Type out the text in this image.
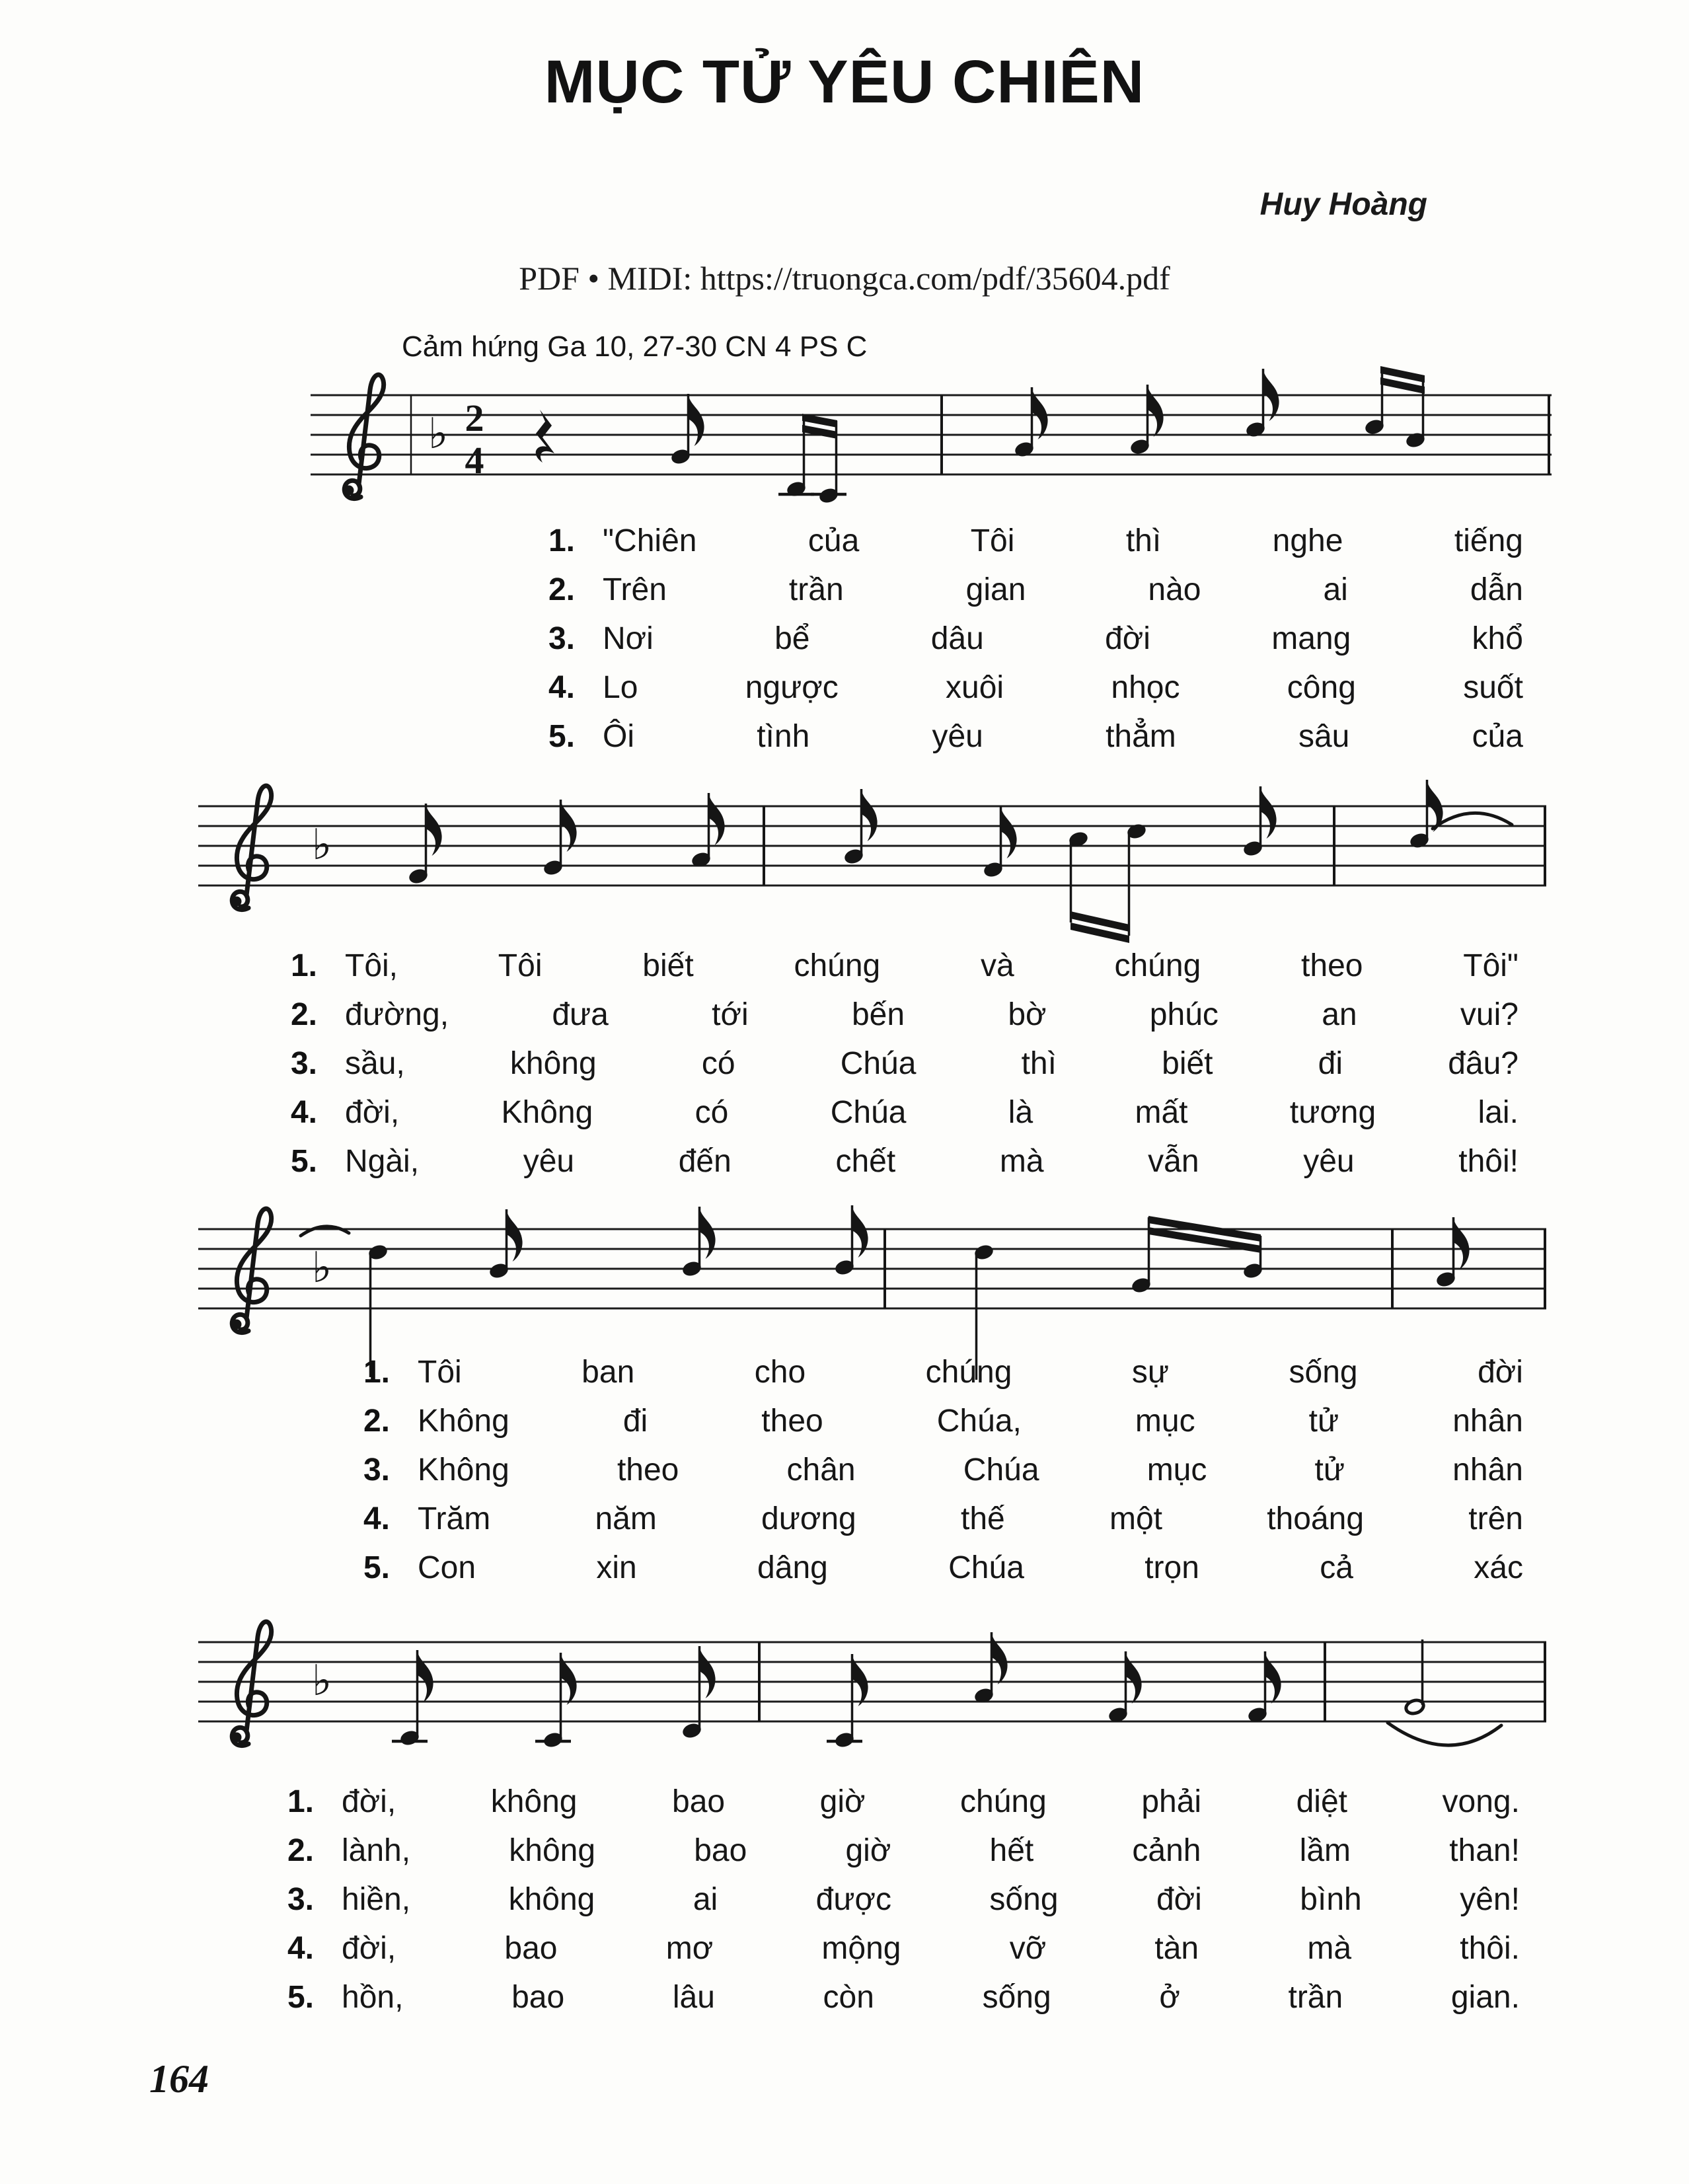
MỤC TỬ YÊU CHIÊN
Huy Hoàng
PDF • MIDI: https://truongca.com/pdf/35604.pdf
Cảm hứng Ga 10, 27-30 CN 4 PS C
♭ 2
4
♭
♭
♭
1. "Chiên	của	Tôi	thì	nghe	tiếng
2. Trên	trần	gian	nào	ai	dẫn
3. Nơi	bể	dâu	đời	mang	khổ
4. Lo	ngược	xuôi	nhọc	công	suốt
5. Ôi	tình	yêu	thẳm	sâu	của
1. Tôi,	Tôi	biết	chúng	và	chúng	theo	Tôi"
2. đường,	đưa	tới	bến	bờ	phúc	an	vui?
3. sầu,	không	có	Chúa	thì	biết	đi	đâu?
4. đời,	Không	có	Chúa	là	mất	tương	lai.
5. Ngài,	yêu	đến	chết	mà	vẫn	yêu	thôi!
1. Tôi	ban	cho	chúng	sự	sống	đời
2. Không	đi	theo	Chúa,	mục	tử	nhân
3. Không	theo	chân	Chúa	mục	tử	nhân
4. Trăm	năm	dương	thế	một	thoáng	trên
5. Con	xin	dâng	Chúa	trọn	cả	xác
1. đời,	không	bao	giờ	chúng	phải	diệt	vong.
2. lành,	không	bao	giờ	hết	cảnh	lầm	than!
3. hiền,	không	ai	được	sống	đời	bình	yên!
4. đời,	bao	mơ	mộng	vỡ	tàn	mà	thôi.
5. hồn,	bao	lâu	còn	sống	ở	trần	gian.
164
